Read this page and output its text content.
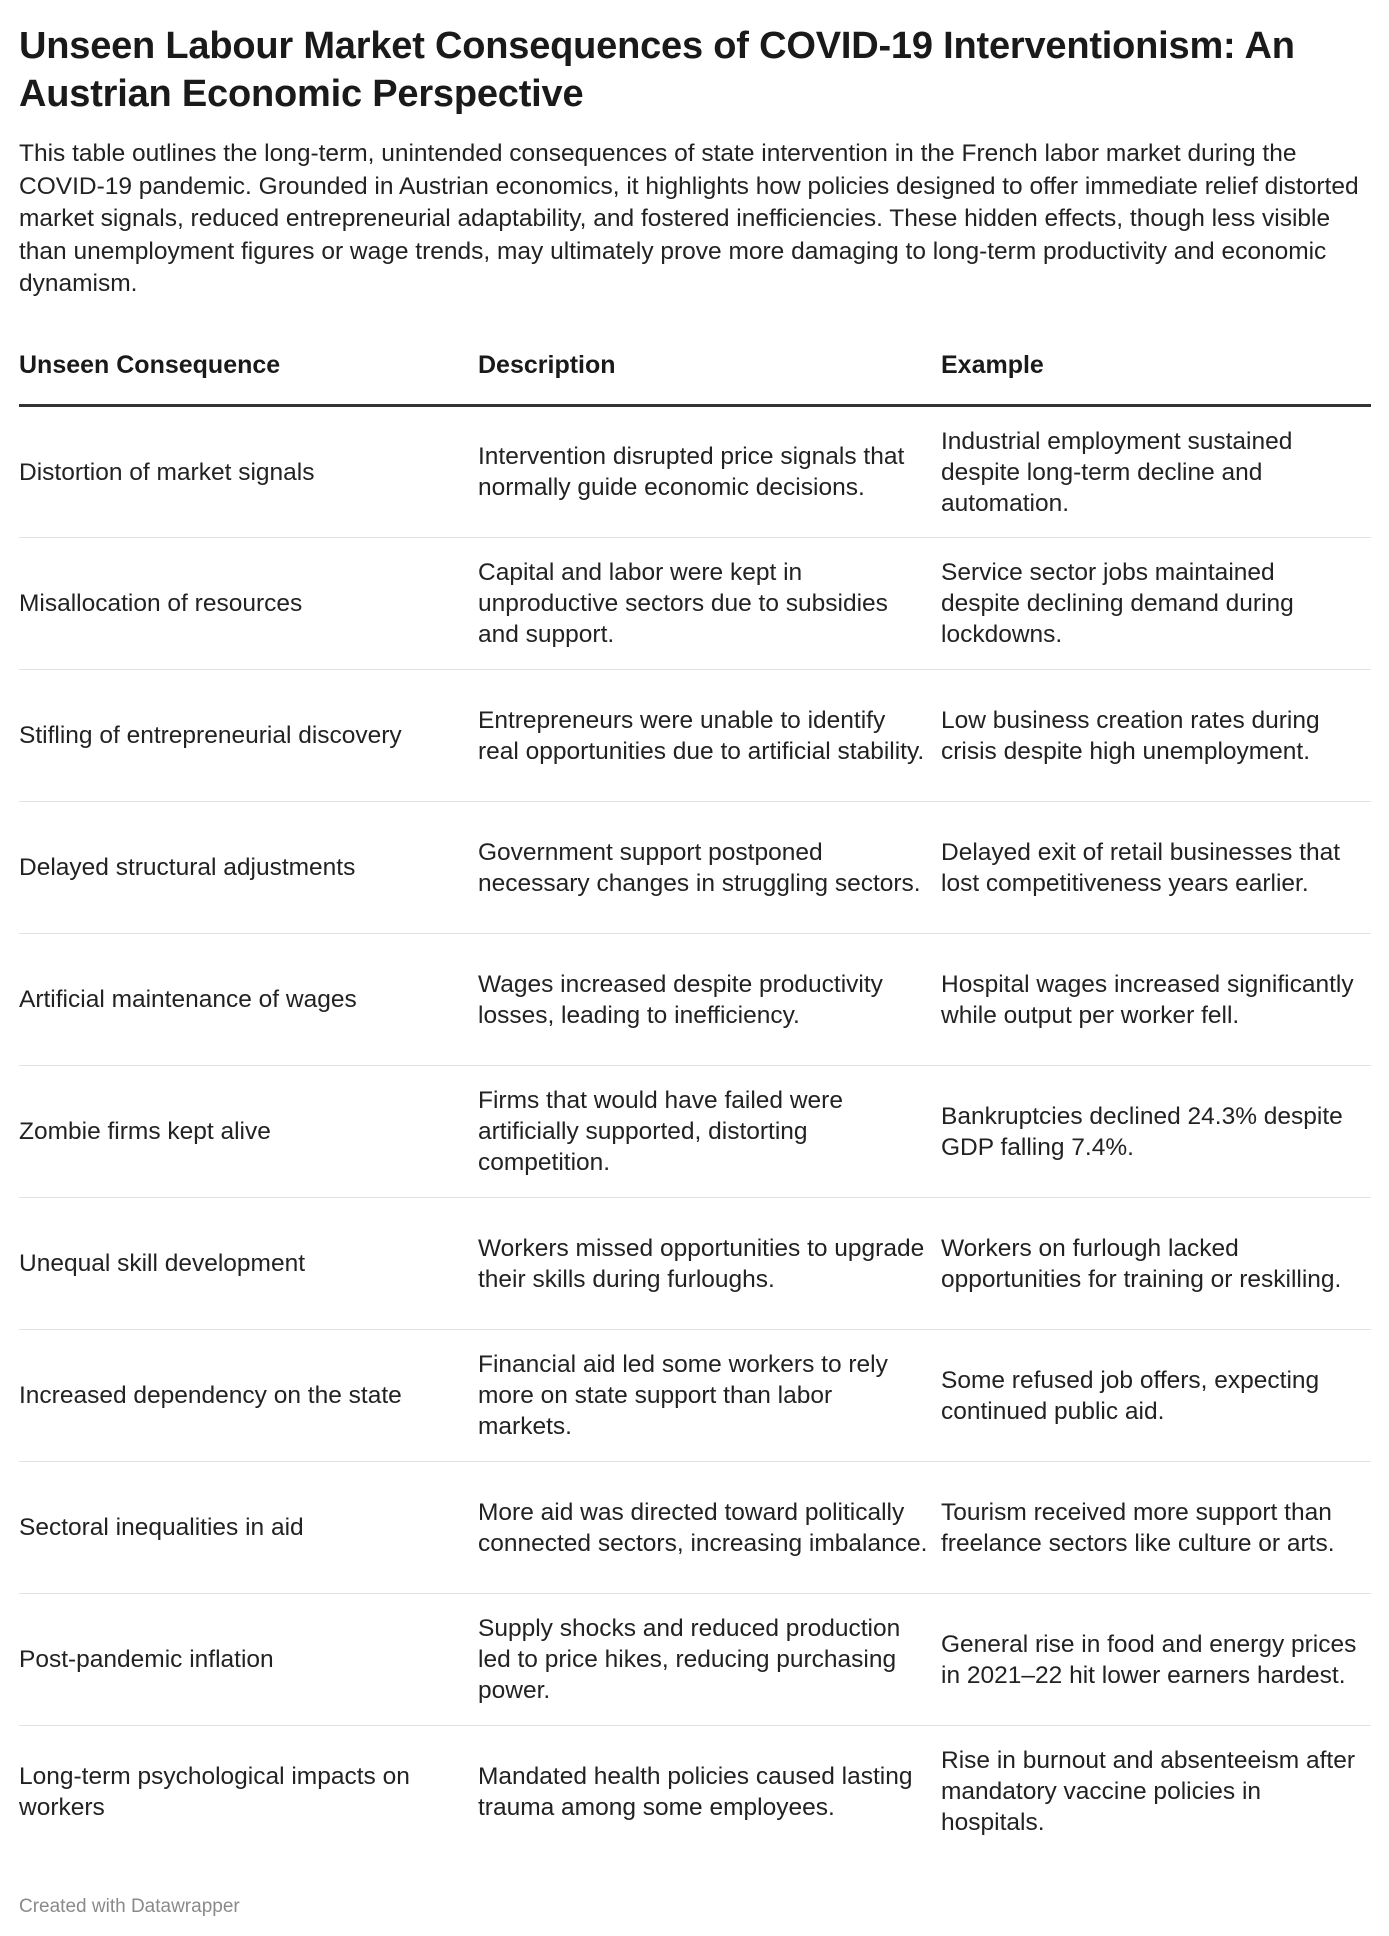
Unseen Labour Market Consequences of COVID-19 Interventionism: An Austrian Economic Perspective

This table outlines the long-term, unintended consequences of state intervention in the French labor market during the COVID-19 pandemic. Grounded in Austrian economics, it highlights how policies designed to offer immediate relief distorted market signals, reduced entrepreneurial adaptability, and fostered inefficiencies. These hidden effects, though less visible than unemployment figures or wage trends, may ultimately prove more damaging to long-term productivity and economic dynamism.

Unseen Consequence	Description	Example
Distortion of market signals	Intervention disrupted price signals that normally guide economic decisions.	Industrial employment sustained despite long-term decline and automation.
Misallocation of resources	Capital and labor were kept in unproductive sectors due to subsidies and support.	Service sector jobs maintained despite declining demand during lockdowns.
Stifling of entrepreneurial discovery	Entrepreneurs were unable to identify real opportunities due to artificial stability.	Low business creation rates during crisis despite high unemployment.
Delayed structural adjustments	Government support postponed necessary changes in struggling sectors.	Delayed exit of retail businesses that lost competitiveness years earlier.
Artificial maintenance of wages	Wages increased despite productivity losses, leading to inefficiency.	Hospital wages increased significantly while output per worker fell.
Zombie firms kept alive	Firms that would have failed were artificially supported, distorting competition.	Bankruptcies declined 24.3% despite GDP falling 7.4%.
Unequal skill development	Workers missed opportunities to upgrade their skills during furloughs.	Workers on furlough lacked opportunities for training or reskilling.
Increased dependency on the state	Financial aid led some workers to rely more on state support than labor markets.	Some refused job offers, expecting continued public aid.
Sectoral inequalities in aid	More aid was directed toward politically connected sectors, increasing imbalance.	Tourism received more support than freelance sectors like culture or arts.
Post-pandemic inflation	Supply shocks and reduced production led to price hikes, reducing purchasing power.	General rise in food and energy prices in 2021–22 hit lower earners hardest.
Long-term psychological impacts on workers	Mandated health policies caused lasting trauma among some employees.	Rise in burnout and absenteeism after mandatory vaccine policies in hospitals.
Created with Datawrapper
